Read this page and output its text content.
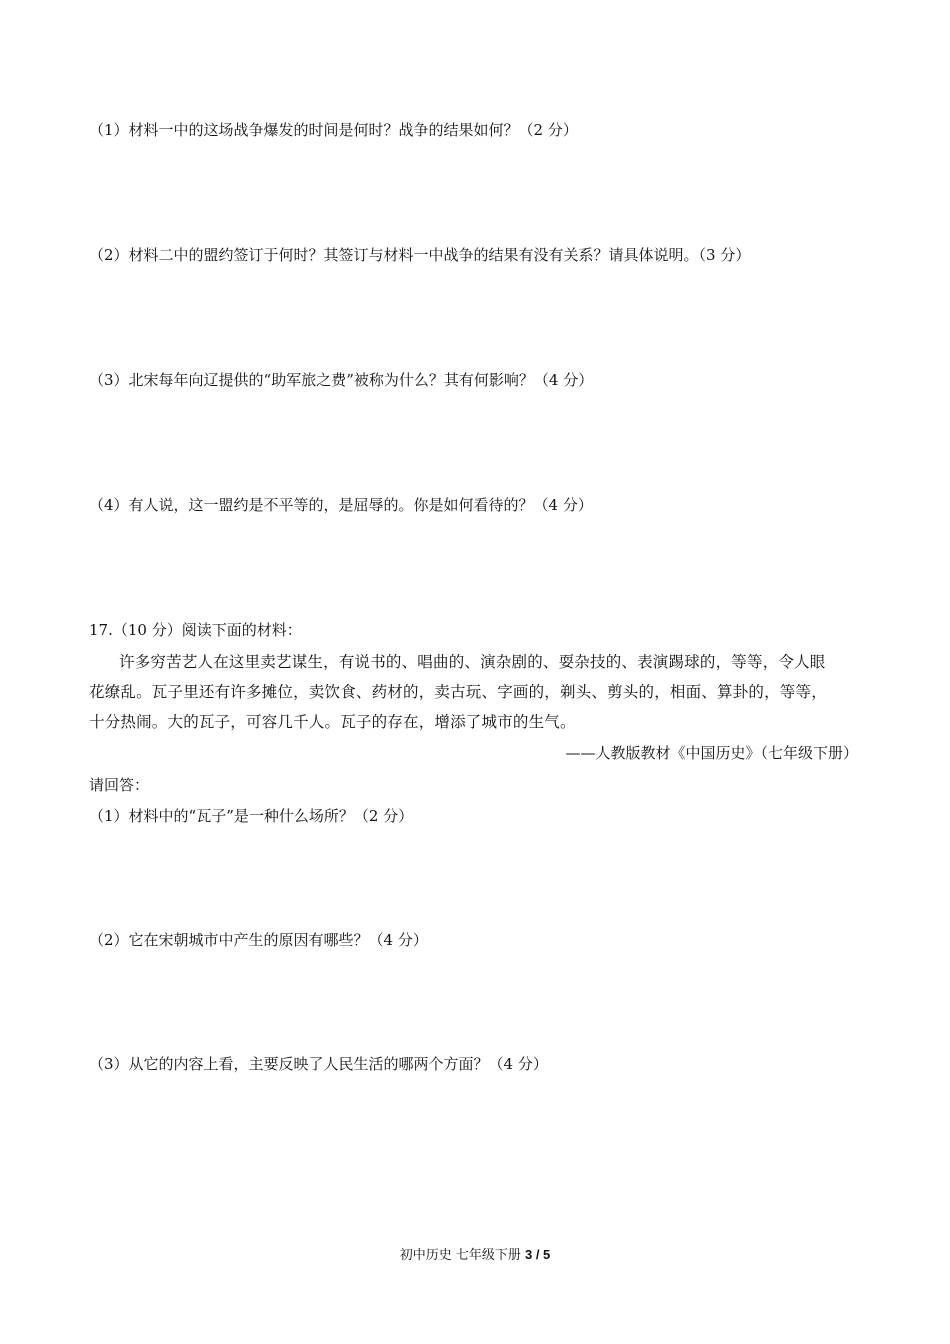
（1）材料一中的这场战争爆发的时间是何时？战争的结果如何？（2 分）
（2）材料二中的盟约签订于何时？其签订与材料一中战争的结果有没有关系？请具体说明。（3 分）
（3）北宋每年向辽提供的“助军旅之费”被称为什么？其有何影响？（4 分）
（4）有人说，这一盟约是不平等的，是屈辱的。你是如何看待的？（4 分）
17.（10 分）阅读下面的材料：
许多穷苦艺人在这里卖艺谋生，有说书的、唱曲的、演杂剧的、耍杂技的、表演踢球的，等等，令人眼
花缭乱。瓦子里还有许多摊位，卖饮食、药材的，卖古玩、字画的，剃头、剪头的，相面、算卦的，等等，
十分热闹。大的瓦子，可容几千人。瓦子的存在，增添了城市的生气。
——人教版教材《中国历史》（七年级下册）
请回答：
（1）材料中的“瓦子”是一种什么场所？（2 分）
（2）它在宋朝城市中产生的原因有哪些？（4 分）
（3）从它的内容上看，主要反映了人民生活的哪两个方面？（4 分）
初中历史 七年级下册 3 / 5
